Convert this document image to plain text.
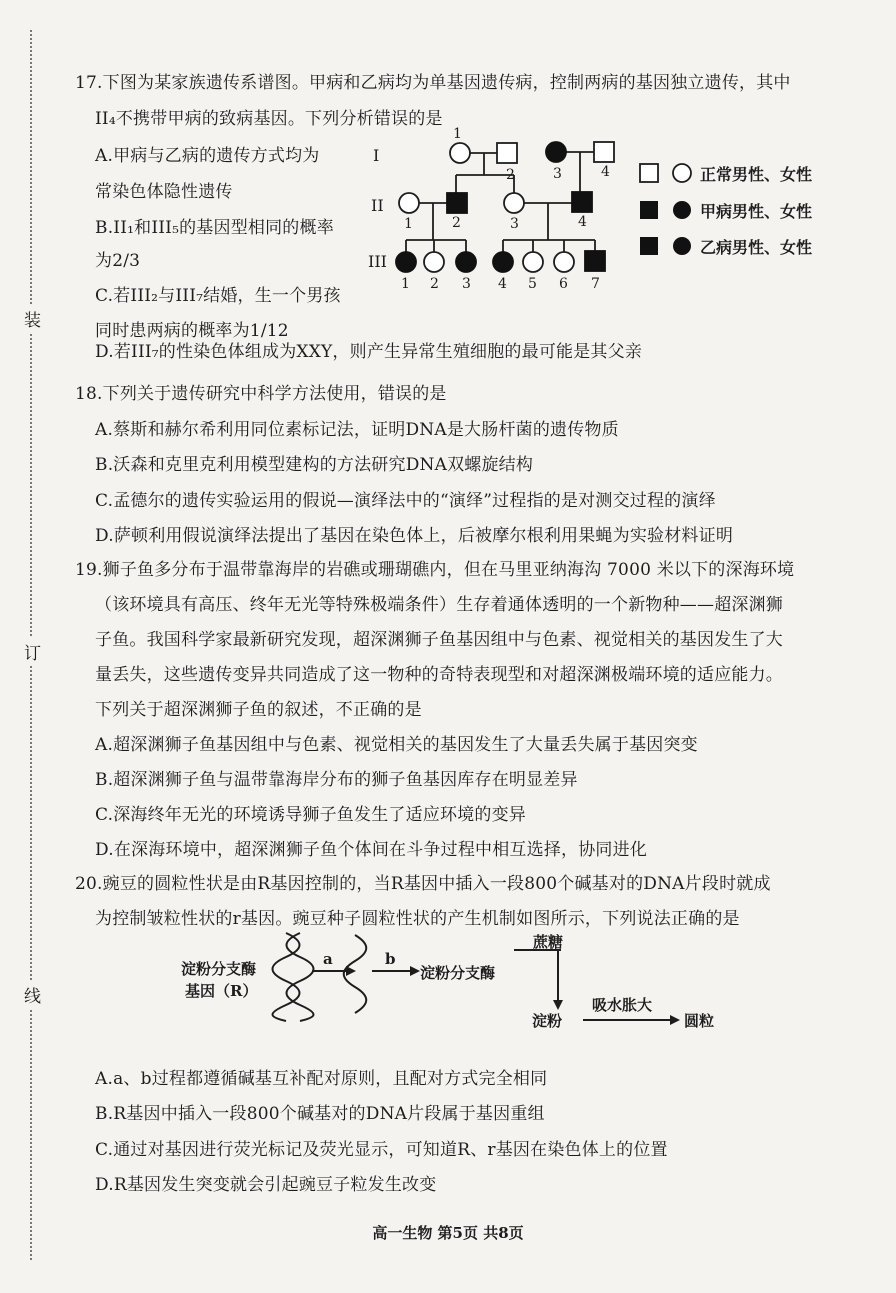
装
订
线
17.下图为某家族遗传系谱图。甲病和乙病均为单基因遗传病，控制两病的基因独立遗传，其中
II₄不携带甲病的致病基因。下列分析错误的是
A.甲病与乙病的遗传方式均为
常染色体隐性遗传
B.II₁和III₅的基因型相同的概率
为2/3
C.若III₂与III₇结婚，生一个男孩
同时患两病的概率为1/12
D.若III₇的性染色体组成为XXY，则产生异常生殖细胞的最可能是其父亲
I
II
III
1
2	3	4
1	2	3	4
1 2 3 4 5 6 7
正常男性、女性
甲病男性、女性
乙病男性、女性
18.下列关于遗传研究中科学方法使用，错误的是
A.蔡斯和赫尔希利用同位素标记法，证明DNA是大肠杆菌的遗传物质
B.沃森和克里克利用模型建构的方法研究DNA双螺旋结构
C.孟德尔的遗传实验运用的假说—演绎法中的“演绎”过程指的是对测交过程的演绎
D.萨顿利用假说演绎法提出了基因在染色体上，后被摩尔根利用果蝇为实验材料证明
19.狮子鱼多分布于温带靠海岸的岩礁或珊瑚礁内，但在马里亚纳海沟 7000 米以下的深海环境
（该环境具有高压、终年无光等特殊极端条件）生存着通体透明的一个新物种——超深渊狮
子鱼。我国科学家最新研究发现，超深渊狮子鱼基因组中与色素、视觉相关的基因发生了大
量丢失，这些遗传变异共同造成了这一物种的奇特表现型和对超深渊极端环境的适应能力。
下列关于超深渊狮子鱼的叙述，不正确的是
A.超深渊狮子鱼基因组中与色素、视觉相关的基因发生了大量丢失属于基因突变
B.超深渊狮子鱼与温带靠海岸分布的狮子鱼基因库存在明显差异
C.深海终年无光的环境诱导狮子鱼发生了适应环境的变异
D.在深海环境中，超深渊狮子鱼个体间在斗争过程中相互选择，协同进化
20.豌豆的圆粒性状是由R基因控制的，当R基因中插入一段800个碱基对的DNA片段时就成
为控制皱粒性状的r基因。豌豆种子圆粒性状的产生机制如图所示，下列说法正确的是
淀粉分支酶
基因（R）
a	b
淀粉分支酶
蔗糖
淀粉
吸水胀大
圆粒
A.a、b过程都遵循碱基互补配对原则，且配对方式完全相同
B.R基因中插入一段800个碱基对的DNA片段属于基因重组
C.通过对基因进行荧光标记及荧光显示，可知道R、r基因在染色体上的位置
D.R基因发生突变就会引起豌豆子粒发生改变
高一生物 第5页 共8页
